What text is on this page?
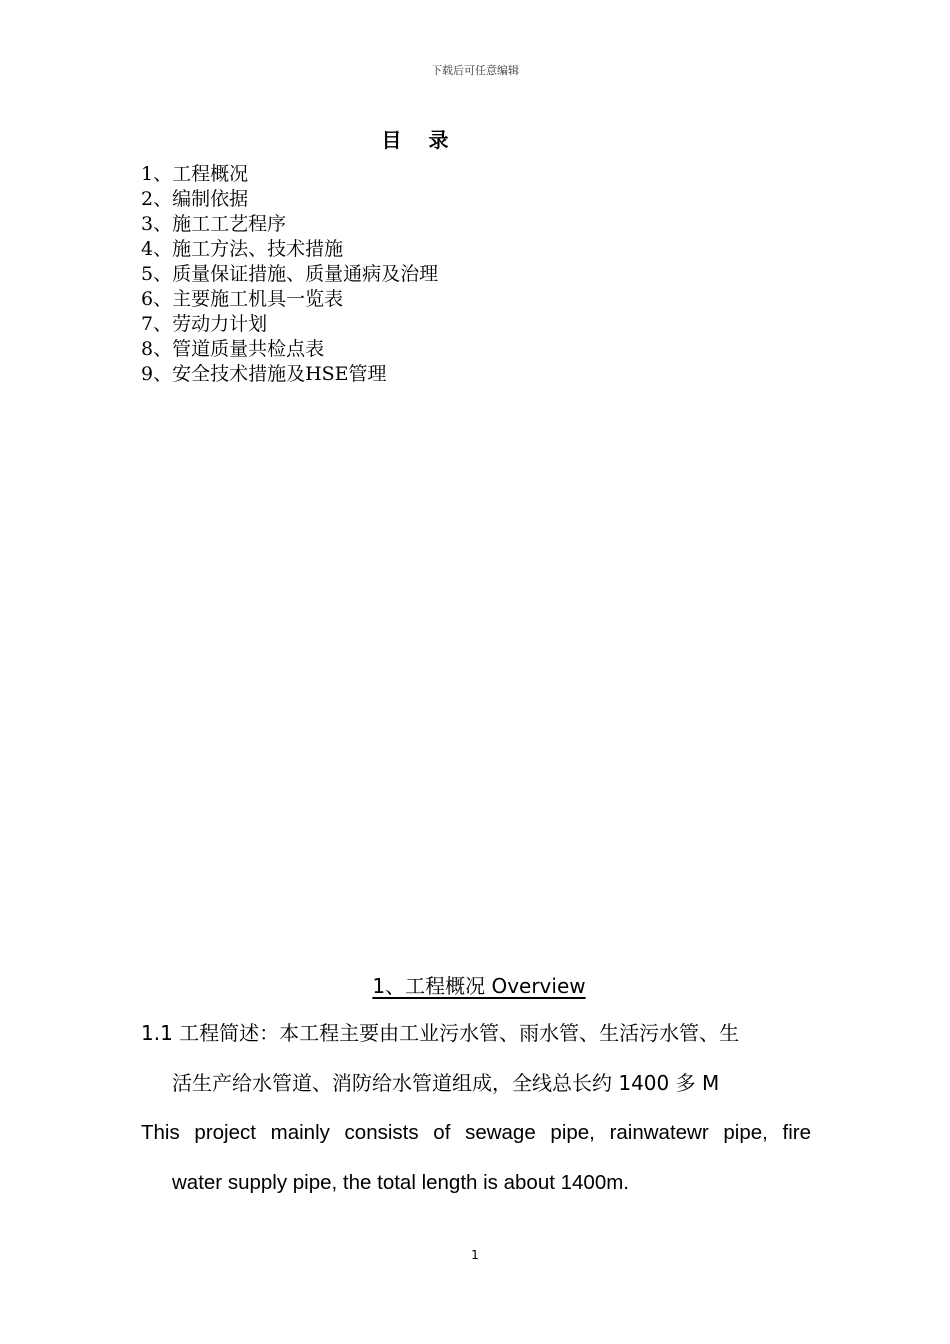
下载后可任意编辑
目 录
1、工程概况
2、编制依据
3、施工工艺程序
4、施工方法、技术措施
5、质量保证措施、质量通病及治理
6、主要施工机具一览表
7、劳动力计划
8、管道质量共检点表
9、安全技术措施及HSE管理
1、工程概况 Overview
1.1 工程简述：本工程主要由工业污水管、雨水管、生活污水管、生
活生产给水管道、消防给水管道组成，全线总长约 1400 多 M
This project mainly consists of sewage pipe, rainwatewr pipe, fire
water supply pipe, the total length is about 1400m.
1
